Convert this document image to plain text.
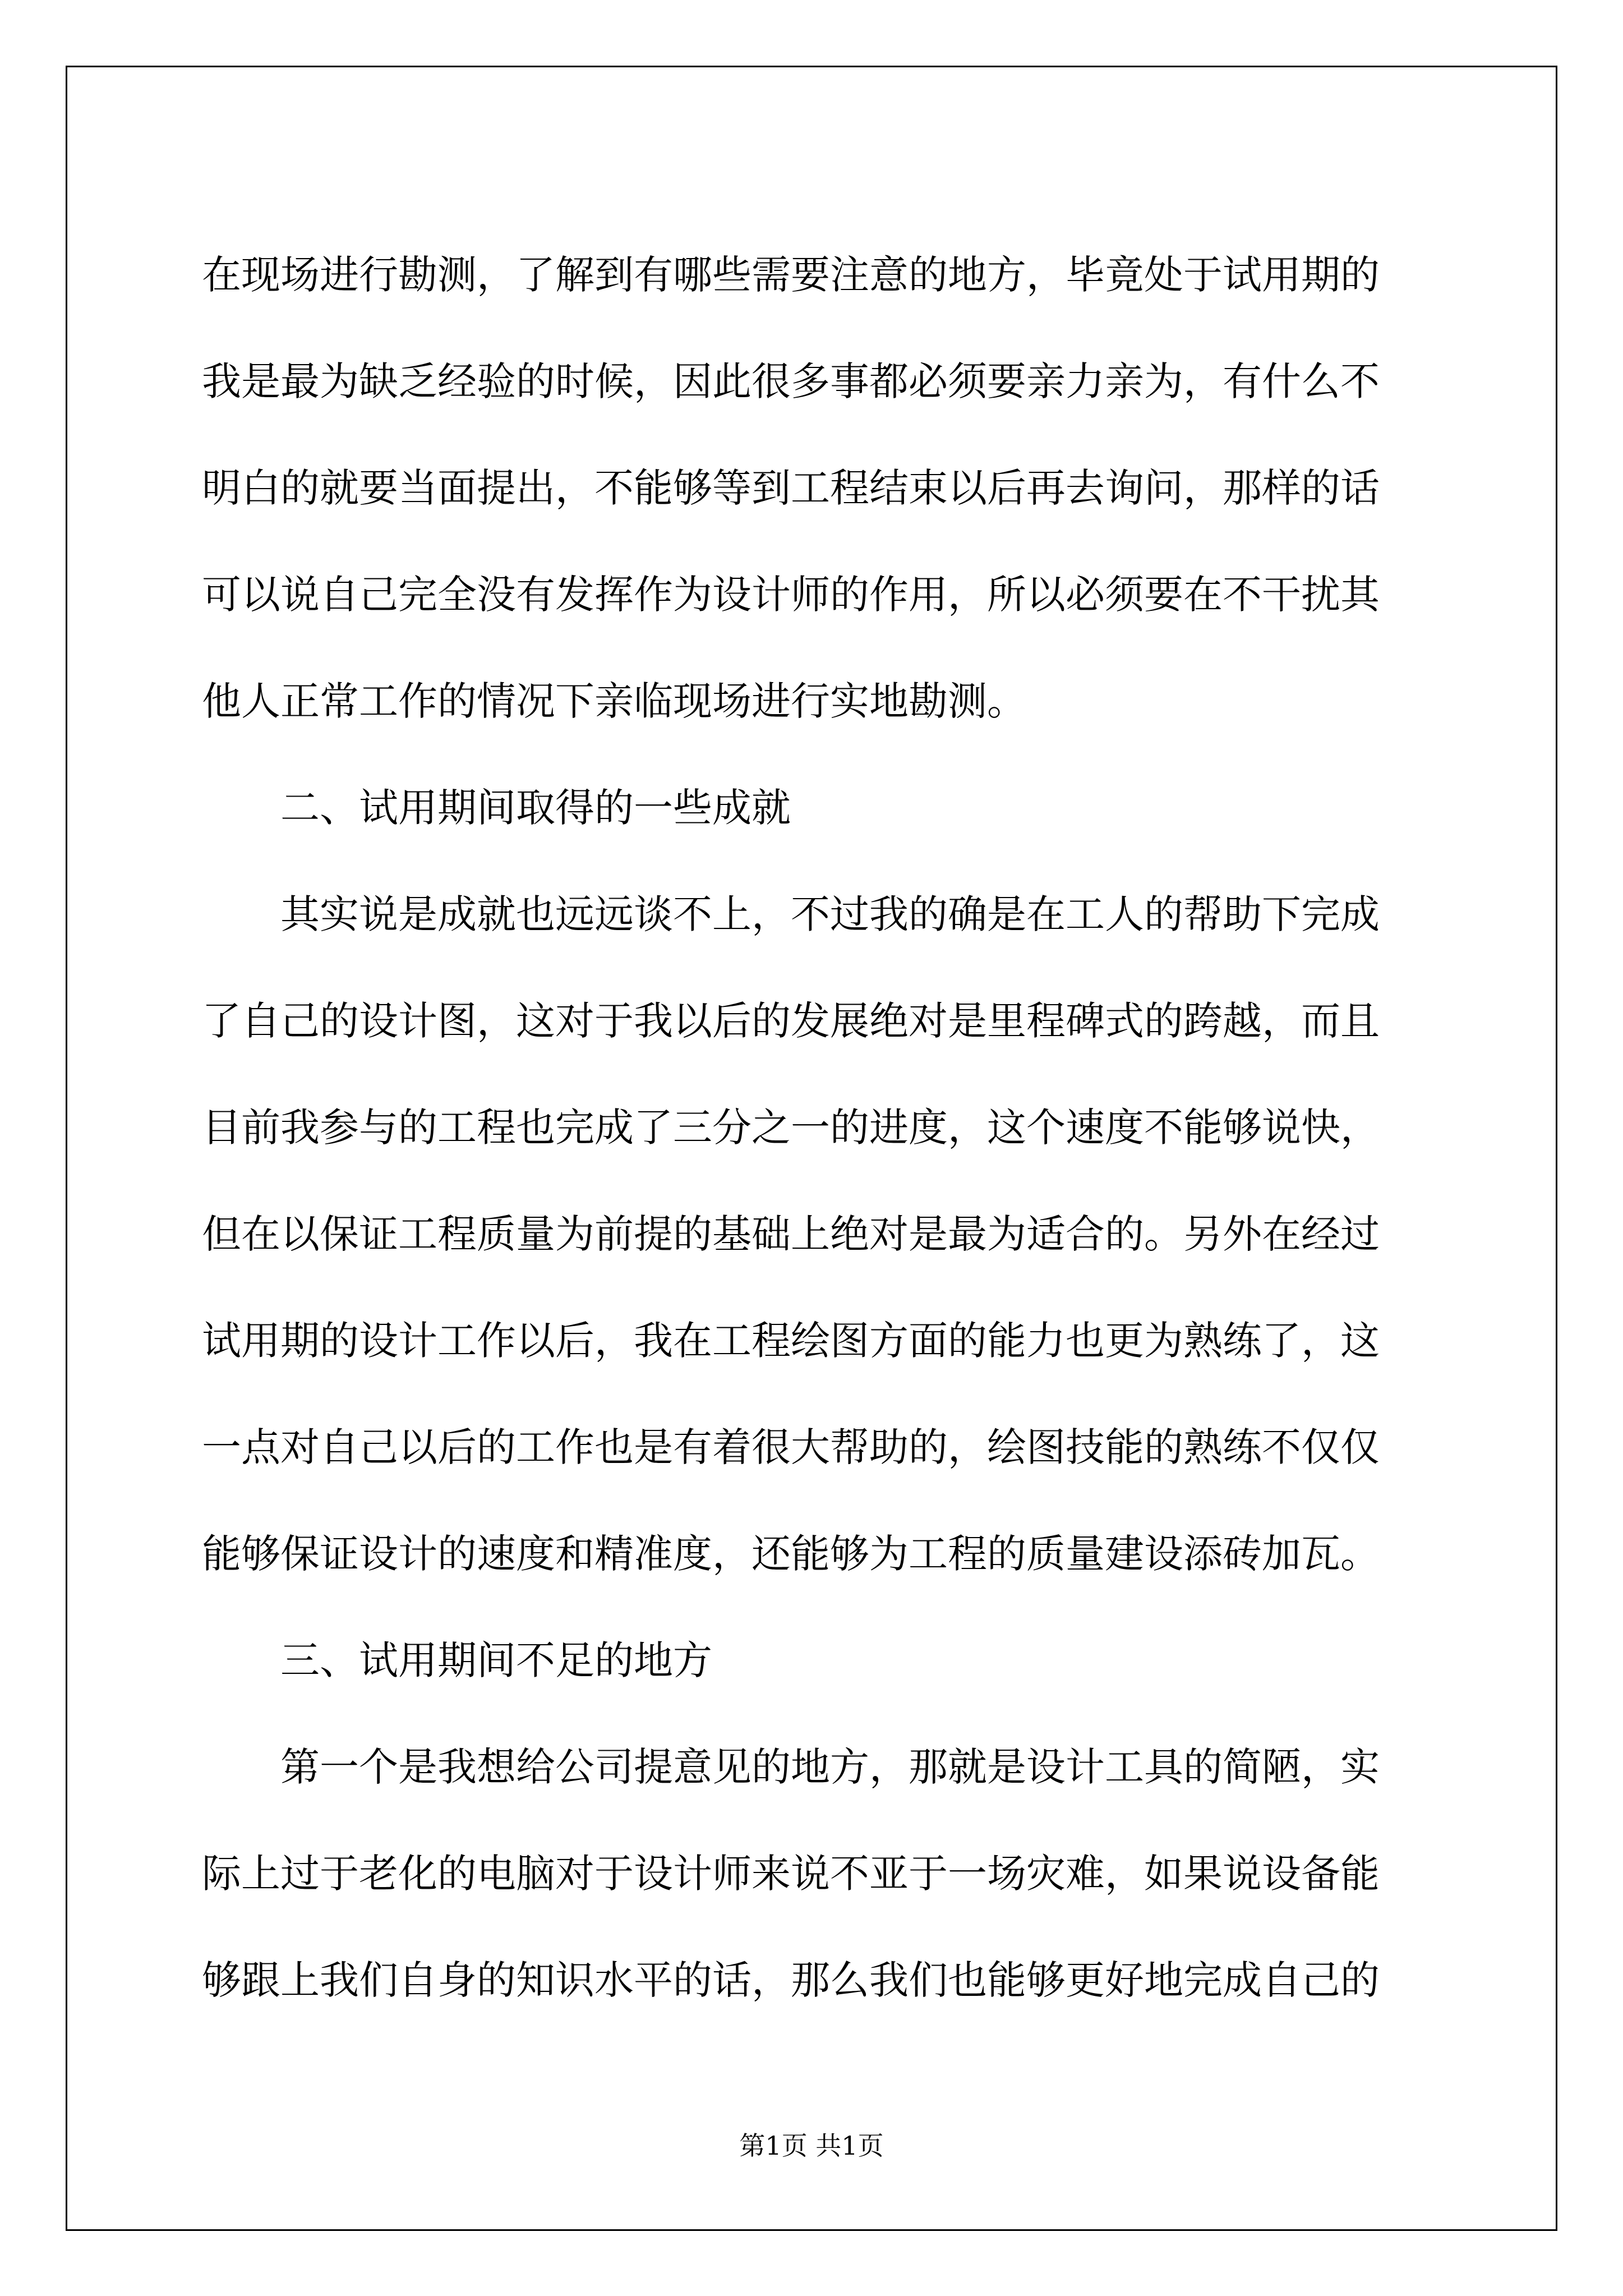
在现场进行勘测，了解到有哪些需要注意的地方，毕竟处于试用期的
我是最为缺乏经验的时候，因此很多事都必须要亲力亲为，有什么不
明白的就要当面提出，不能够等到工程结束以后再去询问，那样的话
可以说自己完全没有发挥作为设计师的作用，所以必须要在不干扰其
他人正常工作的情况下亲临现场进行实地勘测。
二、试用期间取得的一些成就
其实说是成就也远远谈不上，不过我的确是在工人的帮助下完成
了自己的设计图，这对于我以后的发展绝对是里程碑式的跨越，而且
目前我参与的工程也完成了三分之一的进度，这个速度不能够说快，
但在以保证工程质量为前提的基础上绝对是最为适合的。另外在经过
试用期的设计工作以后，我在工程绘图方面的能力也更为熟练了，这
一点对自己以后的工作也是有着很大帮助的，绘图技能的熟练不仅仅
能够保证设计的速度和精准度，还能够为工程的质量建设添砖加瓦。
三、试用期间不足的地方
第一个是我想给公司提意见的地方，那就是设计工具的简陋，实
际上过于老化的电脑对于设计师来说不亚于一场灾难，如果说设备能
够跟上我们自身的知识水平的话，那么我们也能够更好地完成自己的
第1页 共1页
